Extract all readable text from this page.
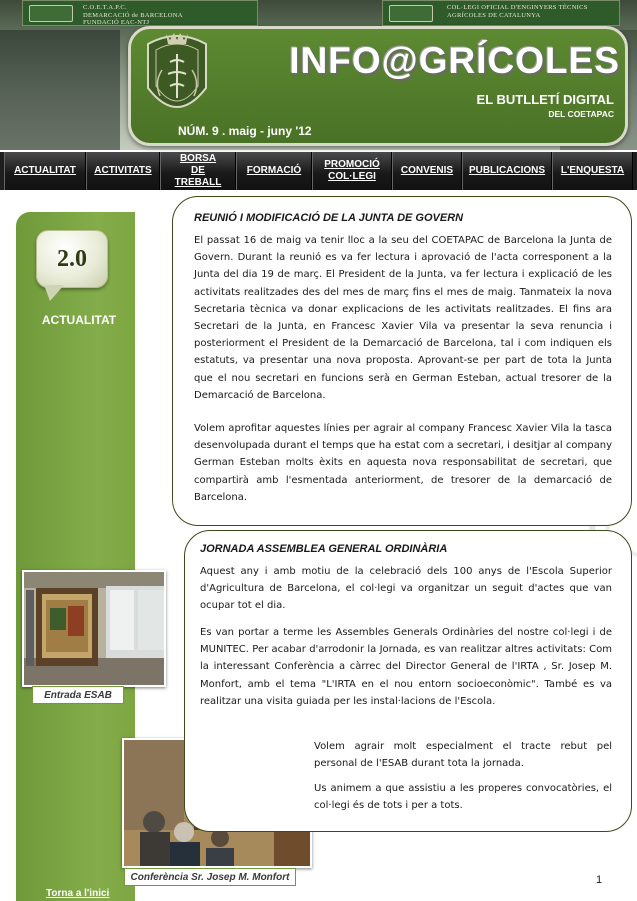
C.O.E.T.A.P.C.
DEMARCACIÓ de BARCELONA
FUNDACIÓ EAC-NTJ
COL·LEGI OFICIAL D'ENGINYERS TÈCNICS
AGRÍCOLES DE CATALUNYA
INFO@GRÍCOLES
EL BUTLLETÍ DIGITAL
DEL COETAPAC
NÚM. 9 . maig - juny '12
ACTUALITAT	ACTIVITATS
BORSA DE TREBALL
FORMACIÓ
PROMOCIÓ COL·LEGI
CONVENIS	PUBLICACIONS	L'ENQUESTA
2.0
ACTUALITAT
Entrada ESAB
Conferència Sr. Josep M. Monfort
Torna a l'inici
REUNIÓ I MODIFICACIÓ DE LA JUNTA DE GOVERN
El passat 16 de maig va tenir lloc a la seu del COETAPAC de Barcelona la Junta de Govern. Durant la reunió es va fer lectura i aprovació de l'acta corresponent a la Junta del dia 19 de març. El President de la Junta, va fer lectura i explicació de les activitats realitzades des del mes de març fins el mes de maig. Tanmateix la nova Secretaria tècnica va donar explicacions de les activitats realitzades. El fins ara Secretari de la Junta, en Francesc Xavier Vila va presentar la seva renuncia i posteriorment el President de la Demarcació de Barcelona, tal i com indiquen els estatuts, va presentar una nova proposta. Aprovant-se per part de tota la Junta que el nou secretari en funcions serà en German Esteban, actual tresorer de la Demarcació de Barcelona.
Volem aprofitar aquestes línies per agrair al company Francesc Xavier Vila la tasca desenvolupada durant el temps que ha estat com a secretari, i desitjar al company German Esteban molts èxits en aquesta nova responsabilitat de secretari, que compartirà amb l'esmentada anteriorment, de tresorer de la demarcació de Barcelona.
JORNADA ASSEMBLEA GENERAL ORDINÀRIA
Aquest any i amb motiu de la celebració dels 100 anys de l'Escola Superior d'Agricultura de Barcelona, el col·legi va organitzar un seguit d'actes que van ocupar tot el dia.
Es van portar a terme les Assembles Generals Ordinàries del nostre col·legi i de MUNITEC. Per acabar d'arrodonir la Jornada, es van realitzar altres activitats: Com la interessant Conferència a càrrec del Director General de l'IRTA , Sr. Josep M. Monfort, amb el tema "L'IRTA en el nou entorn socioeconòmic". També es va realitzar una visita guiada per les instal·lacions de l'Escola.
Volem agrair molt especialment el tracte rebut pel personal de l'ESAB durant tota la jornada.
Us animem a que assistiu a les properes convocatòries, el col·legi és de tots i per a tots.
1
